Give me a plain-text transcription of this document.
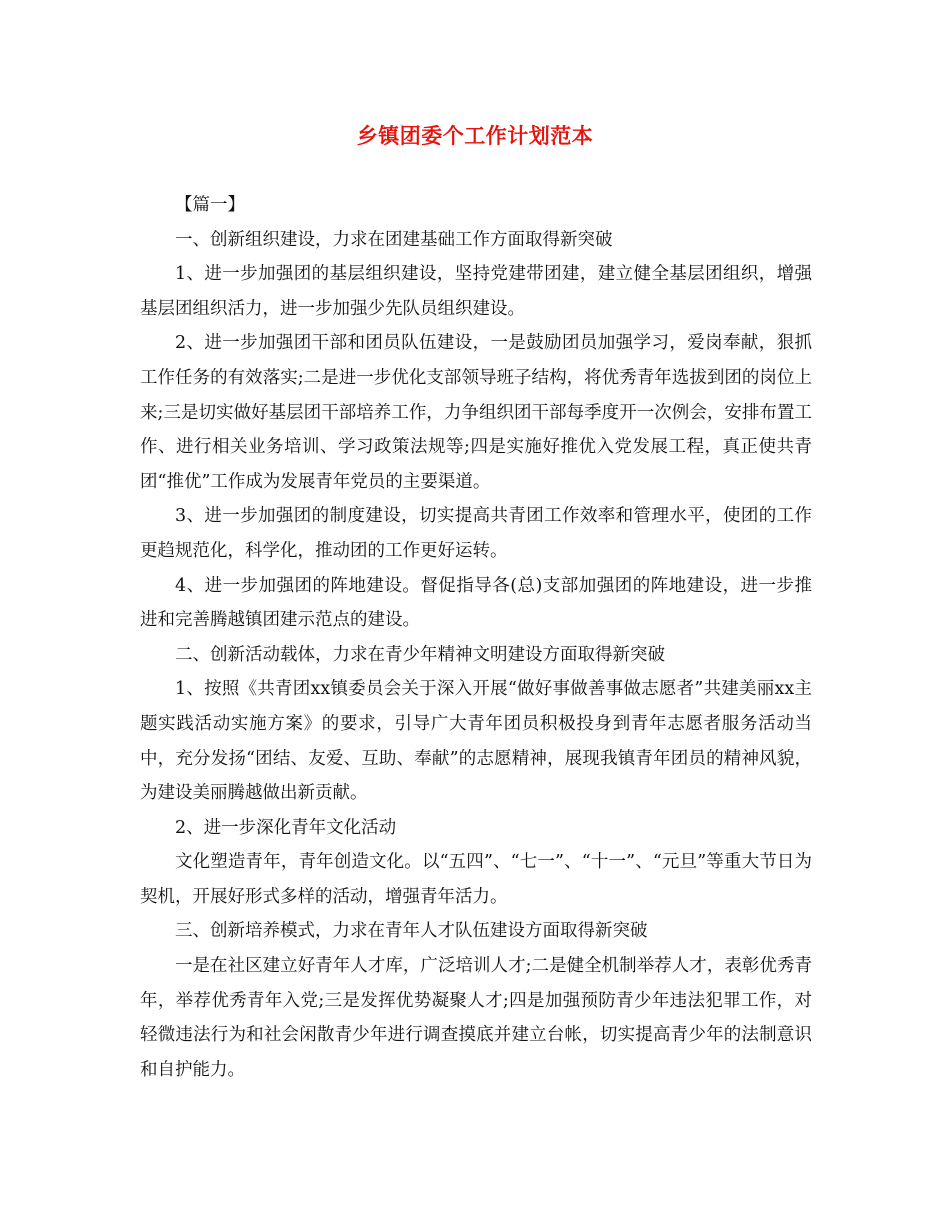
乡镇团委个工作计划范本

【篇一】

一、创新组织建设，力求在团建基础工作方面取得新突破

1、进一步加强团的基层组织建设，坚持党建带团建，建立健全基层团组织，增强基层团组织活力，进一步加强少先队员组织建设。

2、进一步加强团干部和团员队伍建设，一是鼓励团员加强学习，爱岗奉献，狠抓工作任务的有效落实;二是进一步优化支部领导班子结构，将优秀青年选拔到团的岗位上来;三是切实做好基层团干部培养工作，力争组织团干部每季度开一次例会，安排布置工作、进行相关业务培训、学习政策法规等;四是实施好推优入党发展工程，真正使共青团“推优”工作成为发展青年党员的主要渠道。

3、进一步加强团的制度建设，切实提高共青团工作效率和管理水平，使团的工作更趋规范化，科学化，推动团的工作更好运转。

4、进一步加强团的阵地建设。督促指导各(总)支部加强团的阵地建设，进一步推进和完善腾越镇团建示范点的建设。

二、创新活动载体，力求在青少年精神文明建设方面取得新突破

1、按照《共青团xx镇委员会关于深入开展“做好事做善事做志愿者”共建美丽xx主题实践活动实施方案》的要求，引导广大青年团员积极投身到青年志愿者服务活动当中，充分发扬“团结、友爱、互助、奉献”的志愿精神，展现我镇青年团员的精神风貌，为建设美丽腾越做出新贡献。

2、进一步深化青年文化活动

文化塑造青年，青年创造文化。以“五四”、“七一”、“十一”、“元旦”等重大节日为契机，开展好形式多样的活动，增强青年活力。

三、创新培养模式，力求在青年人才队伍建设方面取得新突破

一是在社区建立好青年人才库，广泛培训人才;二是健全机制举荐人才，表彰优秀青年，举荐优秀青年入党;三是发挥优势凝聚人才;四是加强预防青少年违法犯罪工作，对轻微违法行为和社会闲散青少年进行调查摸底并建立台帐，切实提高青少年的法制意识和自护能力。
